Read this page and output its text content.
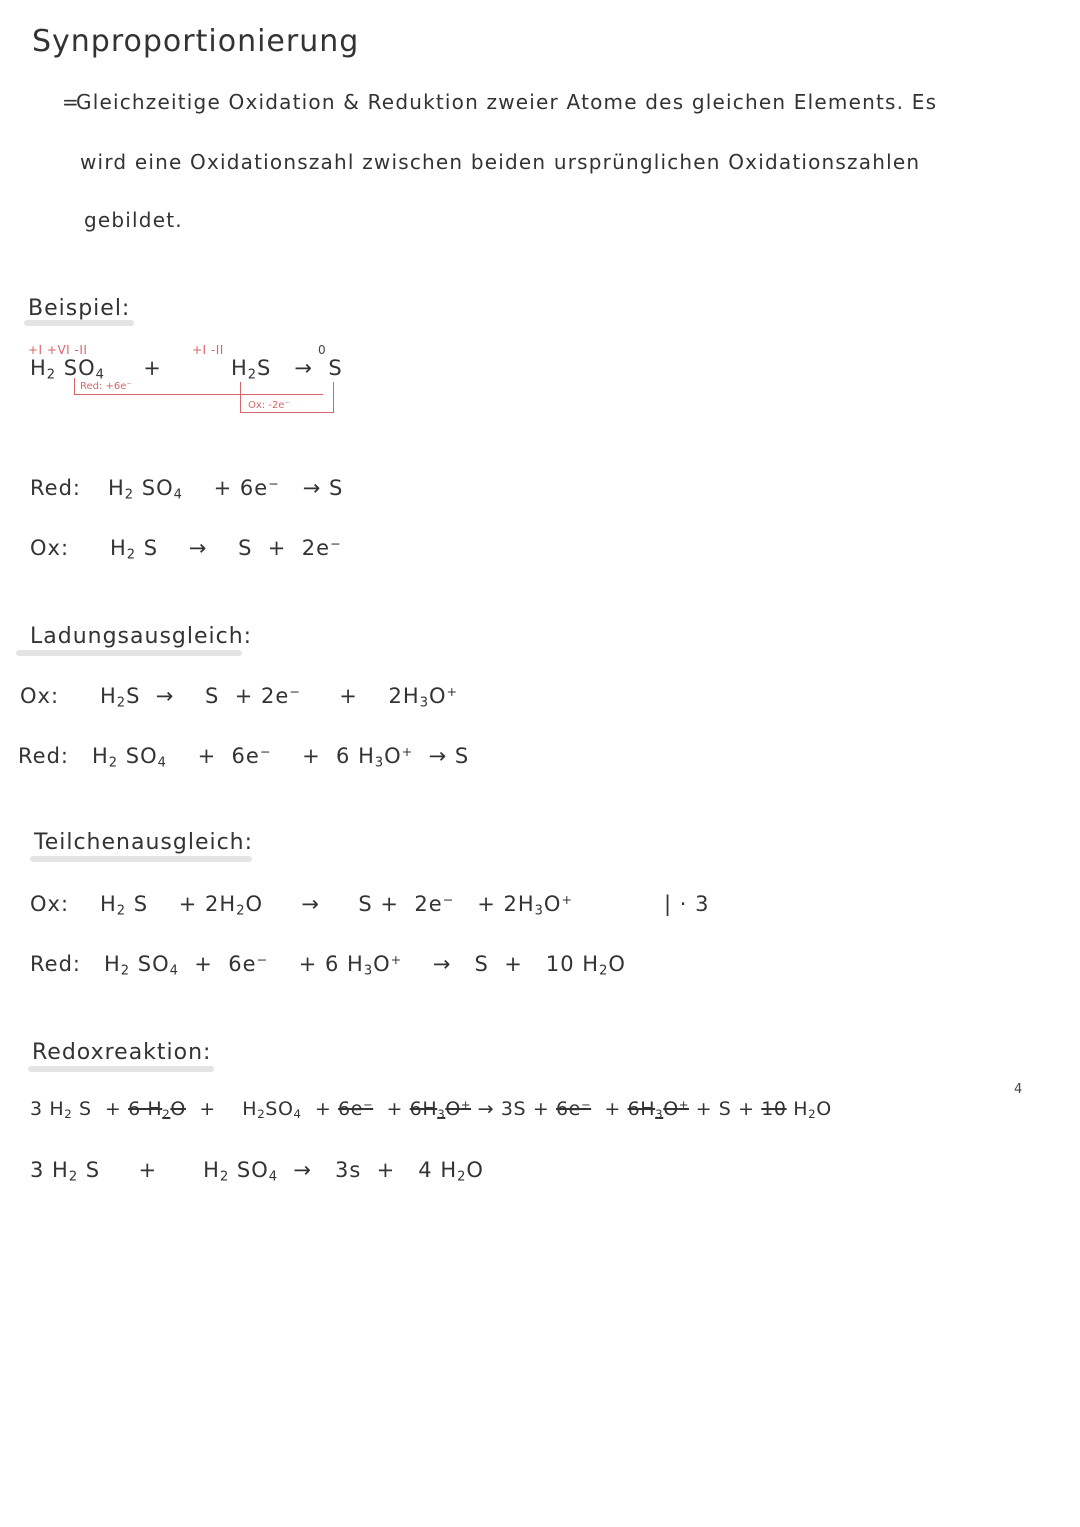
Synproportionierung
=
Gleichzeitige Oxidation & Reduktion zweier Atome des gleichen Elements. Es
wird eine Oxidationszahl zwischen beiden ursprünglichen Oxidationszahlen
gebildet.
Beispiel:
+I +VI -II	+I -II	0
$H_2$ $SO_4$     +         $H_2S \to S$
Red: +6e⁻
Ox: -2e⁻
Red: $H_2$ $SO_4$    + 6e−   → S
Ox: $H_2$ S    →    S  +  2e−
Ladungsausgleich:
Ox: $H_2S$  →    S  + 2e−     +    $2H_3O^+$
Red: $H_2$ $SO_4$    +  6e−    +  6 $H_3O^+ \to S$
Teilchenausgleich:
Ox: $H_2$ S    + $2H_2O$     →     $S + 2e^- + 2H_3O^+$	| · 3
Red: $H_2$ $SO_4 + 6e^-$    + 6 $H_3O^+$    →   S  +   10 $H_2O$
Redoxreaktion:
4
3 $H_2$ S  + 6 $H_2O$  +    $H_2SO_4 + 6e^- + 6H_3O^+ \to 3S + 6e^- + 6H_3O^+ + S + 10$ $H_2O$
3 $H_2$ S     +      $H_2$ $SO_4 \to 3s + 4$ $H_2O$
